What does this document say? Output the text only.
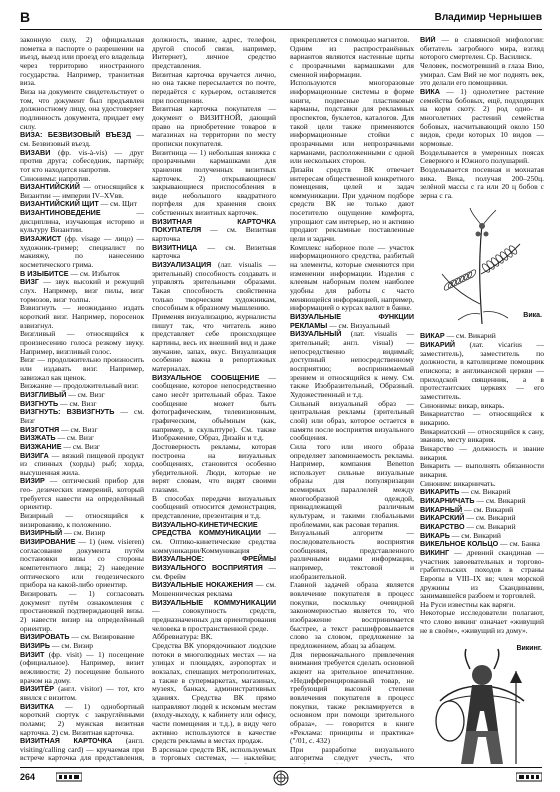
В	Владимир Чернышев

законную силу, 2) официальная пометка в паспорте о разрешении на въезд, выезд или проезд его владельца через территорию иностранного государства. Например, транзитная виза.

Виза на документе свидетельствует о том, что документ был предъявлен должностному лицу, она удостоверяет подлинность документа, придает ему силу.

ВИЗА: БЕЗВИЗОВЫЙ ВЪЕЗД — см. Безвизовый въезд.

ВИЗАВИ (фр. vis-à-vis) — друг против друга; собеседник, партнёр; тот кто находится напротив.

Синонимы: напротив.

ВИЗАНТИЙСКИЙ — относящийся к Византии — империи IV–XVвв.

ВИЗАНТИЙСКИЙ ЩИТ — см. Щит

ВИЗАНТИНОВЕДЕНИЕ — дисциплина, изучающая историю и культуру Византии.

ВИЗАЖИСТ (фр. visage — лицо) — художник-гример; специалист по макияжу, по нанесению косметического грима.

В ИЗЫБИТСЕ — см. Избыток

ВИЗГ — звук высокий и режущий слух. Например, визг пилы, визг тормозов, визг толпы.

Взвизгнуть — неожиданно издать короткий визг. Например, поросенок взвизгнул.

Визгливый — относящийся к произнесению голоса резкому звуку. Например, визгливый голос.

Визг — продолжительно произносить или издавать визг. Например, завизжал как щенок.

Визжание — продолжительный визг.

ВИЗГЛИВЫЙ — см. Визг

ВИЗГНУТЬ — см. Визг

ВИЗГНУТЬ: ВЗВИЗГНУТЬ — см. Визг

ВИЗГОТНЯ — см. Визг

ВИЗЖАТЬ — см. Визг

ВИЗЖАНИЕ — см. Визг

ВИЗИГА — вязкий пищевой продукт из спинных (хорды) рыб; хорда, высушенная жила.

ВИЗИР — оптический прибор для гео- дезических измерений, который требуется навести на определённый ориентир.

Визирный — относящийся к визированию, к положению.

ВИЗИРНЫЙ — см. Визир

ВИЗИРОВАНИЕ — 1) (нем. visieren) согласование документа путём постановки визы со стороны компетентного лица; 2) наведение оптического или геодезического прибора на какой-либо ориентир.

Визировать — 1) согласовать документ путём ознакомления с простановкой подтверждающей визы. 2) навести визир на определённый ориентир.

ВИЗИРОВАТЬ — см. Визирование

ВИЗИРЬ — см. Визир

ВИЗИТ (фр. visit) — 1) посещение (официальное). Например, визит вежливости; 2) посещение больного врачом на дому.

ВИЗИТЁР (англ. visitor) — тот, кто явился с визитом.

ВИЗИТКА — 1) однобортный короткий сюртук с закруглёнными полами; 2) мужская визитная карточка. 2) см. Визитная карточка.

ВИЗИТНАЯ КАРТОЧКА (англ. visiting/calling card) — кручаемая при встрече карточка для представления,

должность, звание, адрес, телефон, другой способ связи, например, Интернет), личное средство представления.

Визитная карточка вручается лично, но она также пересылается по почте, передаётся с курьером, оставляется при посещении.

Визитная карточка покупателя — документ о ВИЗИТНОЙ, дающий право на приобретение товаров в магазинах на территории по месту прописки покупателя.

Визитница — 1) небольшая книжка с прозрачными кармашками для хранения полученных визитных карточек. 2) открывающиеся/закрывающиеся приспособления в виде небольшого квадратного портфеля для хранения своих собственных визитных карточек.

ВИЗИТНАЯ КАРТОЧКА ПОКУПАТЕЛЯ — см. Визитная карточка

ВИЗИТНИЦА — см. Визитная карточка

ВИЗУАЛИЗАЦИЯ (лат. visualis — зрительный) способность создавать и управлять зрительными образами. Такая способность свойственна только творческим художникам, способным к образному мышлению.

Применяя визуализацию, журналисты пишут так, что читатель живо представляет себе происходящее картины, весь их внешний вид и даже звучание, запах, вкус. Визуализация особенно важна в репортажных материалах.

ВИЗУАЛЬНОЕ СООБЩЕНИЕ — сообщение, которое непосредственно само несёт зрительный образ. Такое сообщение может быть фотографическим, телевизионным, графическим, объёмным (как, например, в скульптуре). См. также Изображение, Образ, Дизайн и т.д.

Достоверность рекламы, которая построена на визуальных сообщениях, становится особенно убедительной. Люди, которые не верят словам, что видят своими глазами.

В способах передачи визуальных сообщений относится демонстрация, представление, презентация и т.д.

ВИЗУАЛЬНО-КИНЕТИЧЕСКИЕ СРЕДСТВА КОММУНИКАЦИИ — см. Оптико-кинетические средства коммуникации/Коммуникация

ВИЗУАЛЬНОЕ: ФРЕЙМЫ ВИЗУАЛЬНОГО ВОСПРИЯТИЯ — см. Фрейм

ВИЗУАЛЬНЫЕ НОКАЖЕНИЯ — см. Мошенническая реклама

ВИЗУАЛЬНЫЕ КОММУНИКАЦИИ — совокупность средств, предназначенных для ориентирования человека в пространственной среде.

Аббревиатура: ВК.

Средства ВК упорядочивают людские потоки в многолюдных местах — на улицах и площадях, аэропортах и вокзалах, спешащих метрополитенах, а также в супермаркетах, магазинах, музеях, банках, административных зданиях. Средства ВК прямо направляют людей к искомым местам (входу-выходу, к кабинету или офису, части помещения и т.д.), в виду чего активно используются в качестве средств рекламы в местах продаж.

В арсенале средств ВК, используемых в торговых системах, — наклейки;

прикрепляется с помощью магнитов.

Одним из распространённых вариантов являются настенные щиты с прозрачными кармашками для сменной информации.

Используются многоразовые информационные системы в форме книги, подвесные пластиковые карманы, подставки для рекламных проспектов, буклетов, каталогов. Для такой цели также применяются информационные стойки с прозрачными или непрозрачными карманами, расположенными с одной или нескольких сторон.

Дизайн средств ВК отвечает интересам общественной конкретного помещения, целей и задач коммуникации. При удачном подборе средств ВК не только дают посетителю ощущение комфорта, упрощают сам интерьер, но и активно продают рекламные поставленные цели и задачи.

Комплекс наборное поле — участок информационного средства, разбитый на элементы, которые сменяются при изменении информации. Изделия с клеевым наборным полем наиболее удобны для работы с часто меняющейся информацией, например, информацией о курсах валют в банке.

ВИЗУАЛЬНЫЕ ФУНКЦИИ РЕКЛАМЫ — см. Визуальный

ВИЗУАЛЬНЫЙ (лат. visualis — зрительный; англ. visual) — непосредственно видимый; доступный непосредственному восприятию; воспринимаемый зрением и относящийся к нему. См. также Изобразительный, Образный. Художественный и т.д.

Сильный визуальный образ — центральная рекламы (зрительный слой) или образ, которое остается в памяти после восприятия визуального сообщения.

Сила того или иного образа определяет запоминаемость рекламы. Например, компания Benetton использует сильные визуальные образы для популяризации всемирных параллелей между многообразной одеждой, принадлежащей различным культурам, и такими глобальными проблемами, как расовая терапия.

Визуальный алгоритм — последовательность восприятия сообщения, представленного различными видами информации, например, текстовой и изобразительной.

Главной задачей образа является вовлечение покупателя в процесс покупки, поскольку очевидной закономерностью является то, что изображение воспринимается быстрее, а текст расшифровывается слово за словом, предложение за предложением, абзац за абзацем.

Для первоначального привлечения внимания требуется сделать основной акцент на зрительное впечатление. «Недифференцированный товар, не требующий высокой степени вовлечения покупателя в процесс покупки, также рекламируется в основном при помощи зрительного образа», — говорится в книге «Реклама: принципы и практика» ("/01, с. 432)

При разработке визуального алгоритма следует учесть, что

ВИЙ — в славянской мифологии: обитатель загробного мира, взгляд которого смертелен. Ср. Василиск.

Человек, посмотревший в глаза Вию, умирал. Сам Вий не мог поднять век, это делали его помощники.

ВИКА — 1) однолетнее растение семейства бобовых, ещё, подходящих на корм скоту. 2) род одно- и многолетних растений семейства бобовых, насчитывающий около 150 видов, среди которых 10 видов — кормовые.

Возделывается в умеренных поясах Северного и Южного полушарий.

Возделывается посевная и мохнатая вика. Вика, получая 200–250ц. зелёной массы с гa или 20 ц бобов с зерна с га.

Вика.

ВИКАР — см. Викарий

ВИКАРИЙ (лат. vicarius — заместитель), заместитель по должности, в католицизме помощник епископа; в англиканской церкви — приходской священник, а в протестантских церквях — его заместитель.

Синонимы: викар, викарь.

Викариатство — относящийся к викарию.

Викариатский — относящийся к сану, званию, месту викария.

Викарство — должность и звание викария.

Викарить — выполнять обязанности викария.

Синоним: викарничать.

ВИКАРИТЬ — см. Викарий

ВИКАРНИЧАТЬ — см. Викарий

ВИКАРНЫЙ — см. Викарий

ВИКАРСКИЙ — см. Викарий

ВИКАРСТВО — см. Викарий

ВИКАРЬ — см. Викарий

ВИКЕЛЬНОЕ КОЛЬЦО — см. Банка

ВИКИНГ — древний скандинав — участник завоевательных и торгово-грабительских походов в страны Европы в VIII–IX вв; член морской дружины из Скандинавии, занимавшейся разбоем и торговлей.

На Руси известны как варяги.

Некоторые исследователи полагают, что слово викинг означает «живущий не в своём», «живущий из дому».

Викинг.
264
